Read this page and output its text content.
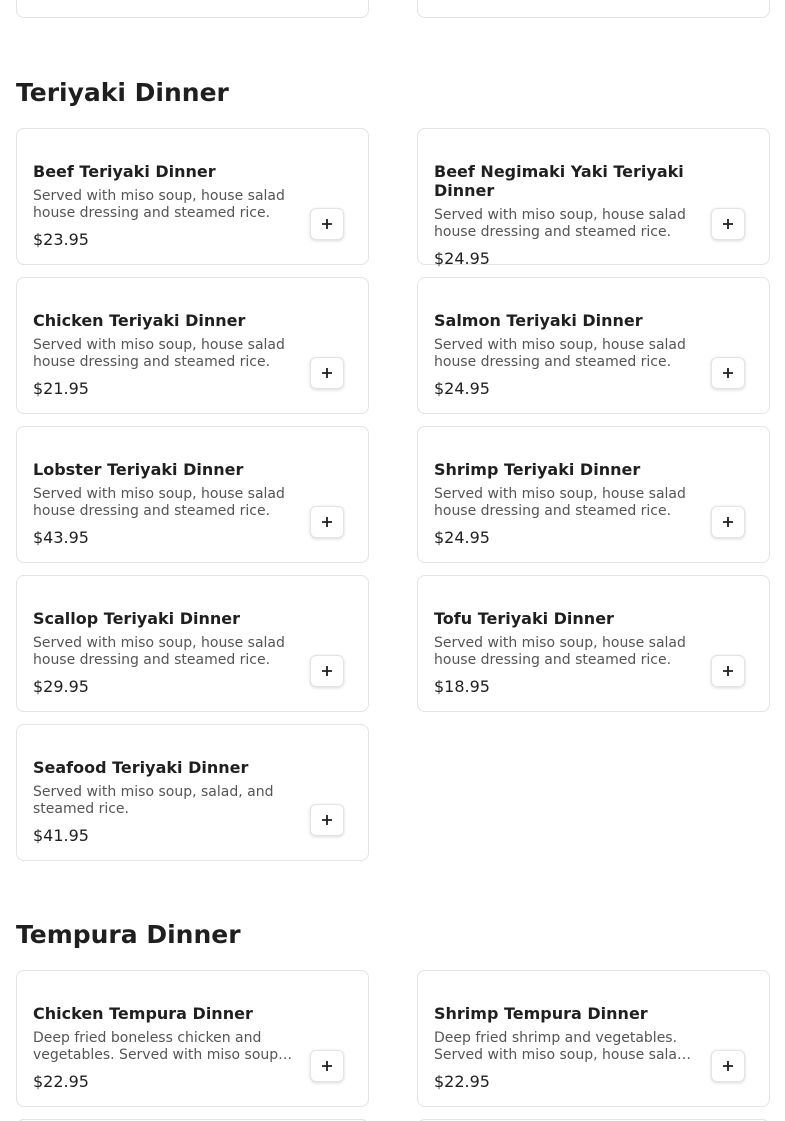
Teriyaki Dinner
Beef Teriyaki Dinner
Served with miso soup, house salad house dressing and steamed rice.
$23.95
Beef Negimaki Yaki Teriyaki Dinner
Served with miso soup, house salad house dressing and steamed rice.
$24.95
Chicken Teriyaki Dinner
Served with miso soup, house salad house dressing and steamed rice.
$21.95
Salmon Teriyaki Dinner
Served with miso soup, house salad house dressing and steamed rice.
$24.95
Lobster Teriyaki Dinner
Served with miso soup, house salad house dressing and steamed rice.
$43.95
Shrimp Teriyaki Dinner
Served with miso soup, house salad house dressing and steamed rice.
$24.95
Scallop Teriyaki Dinner
Served with miso soup, house salad house dressing and steamed rice.
$29.95
Tofu Teriyaki Dinner
Served with miso soup, house salad house dressing and steamed rice.
$18.95
Seafood Teriyaki Dinner
Served with miso soup, salad, and steamed rice.
$41.95
Tempura Dinner
Chicken Tempura Dinner
Deep fried boneless chicken and vegetables. Served with miso soup…
$22.95
Shrimp Tempura Dinner
Deep fried shrimp and vegetables. Served with miso soup, house sala…
$22.95
